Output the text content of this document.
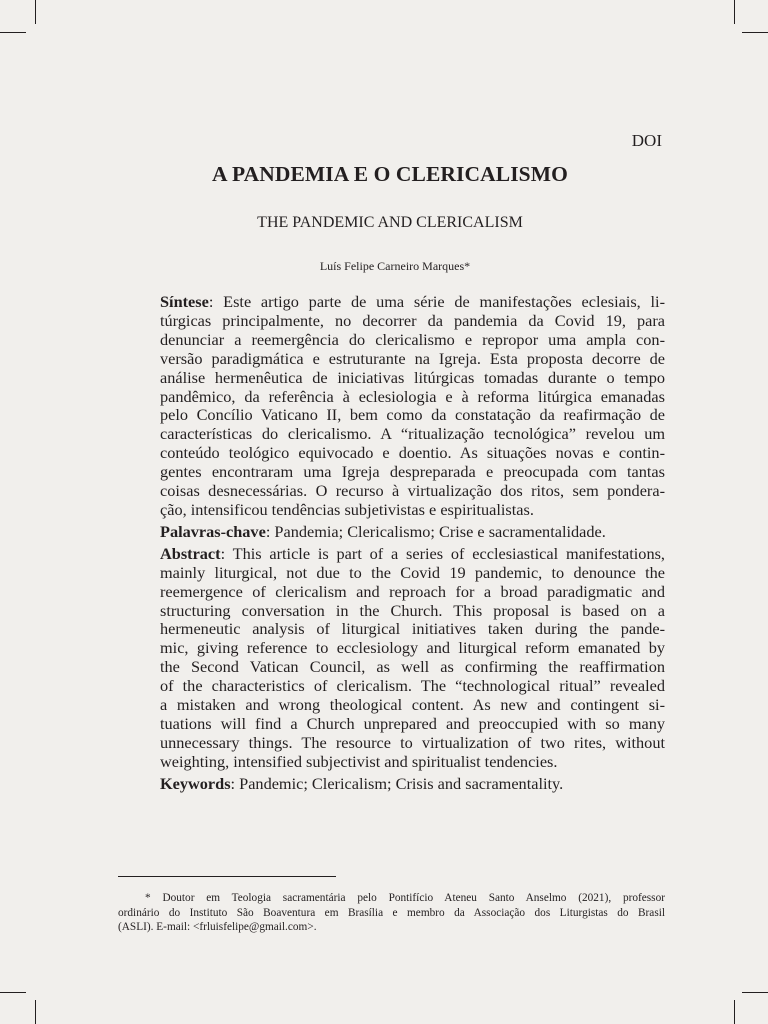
DOI
A PANDEMIA E O CLERICALISMO
THE PANDEMIC AND CLERICALISM
Luís Felipe Carneiro Marques*
Síntese: Este artigo parte de uma série de manifestações eclesiais, li-
túrgicas principalmente, no decorrer da pandemia da Covid 19, para
denunciar a reemergência do clericalismo e repropor uma ampla con-
versão paradigmática e estruturante na Igreja. Esta proposta decorre de
análise hermenêutica de iniciativas litúrgicas tomadas durante o tempo
pandêmico, da referência à eclesiologia e à reforma litúrgica emanadas
pelo Concílio Vaticano II, bem como da constatação da reafirmação de
características do clericalismo. A “ritualização tecnológica” revelou um
conteúdo teológico equivocado e doentio. As situações novas e contin-
gentes encontraram uma Igreja despreparada e preocupada com tantas
coisas desnecessárias. O recurso à virtualização dos ritos, sem pondera-
ção, intensificou tendências subjetivistas e espiritualistas.
Palavras-chave: Pandemia; Clericalismo; Crise e sacramentalidade.
Abstract: This article is part of a series of ecclesiastical manifestations,
mainly liturgical, not due to the Covid 19 pandemic, to denounce the
reemergence of clericalism and reproach for a broad paradigmatic and
structuring conversation in the Church. This proposal is based on a
hermeneutic analysis of liturgical initiatives taken during the pande-
mic, giving reference to ecclesiology and liturgical reform emanated by
the Second Vatican Council, as well as confirming the reaffirmation
of the characteristics of clericalism. The “technological ritual” revealed
a mistaken and wrong theological content. As new and contingent si-
tuations will find a Church unprepared and preoccupied with so many
unnecessary things. The resource to virtualization of two rites, without
weighting, intensified subjectivist and spiritualist tendencies.
Keywords: Pandemic; Clericalism; Crisis and sacramentality.
* Doutor em Teologia sacramentária pelo Pontifício Ateneu Santo Anselmo (2021), professor
ordinário do Instituto São Boaventura em Brasília e membro da Associação dos Liturgistas do Brasil
(ASLI). E-mail: <frluisfelipe@gmail.com>.
